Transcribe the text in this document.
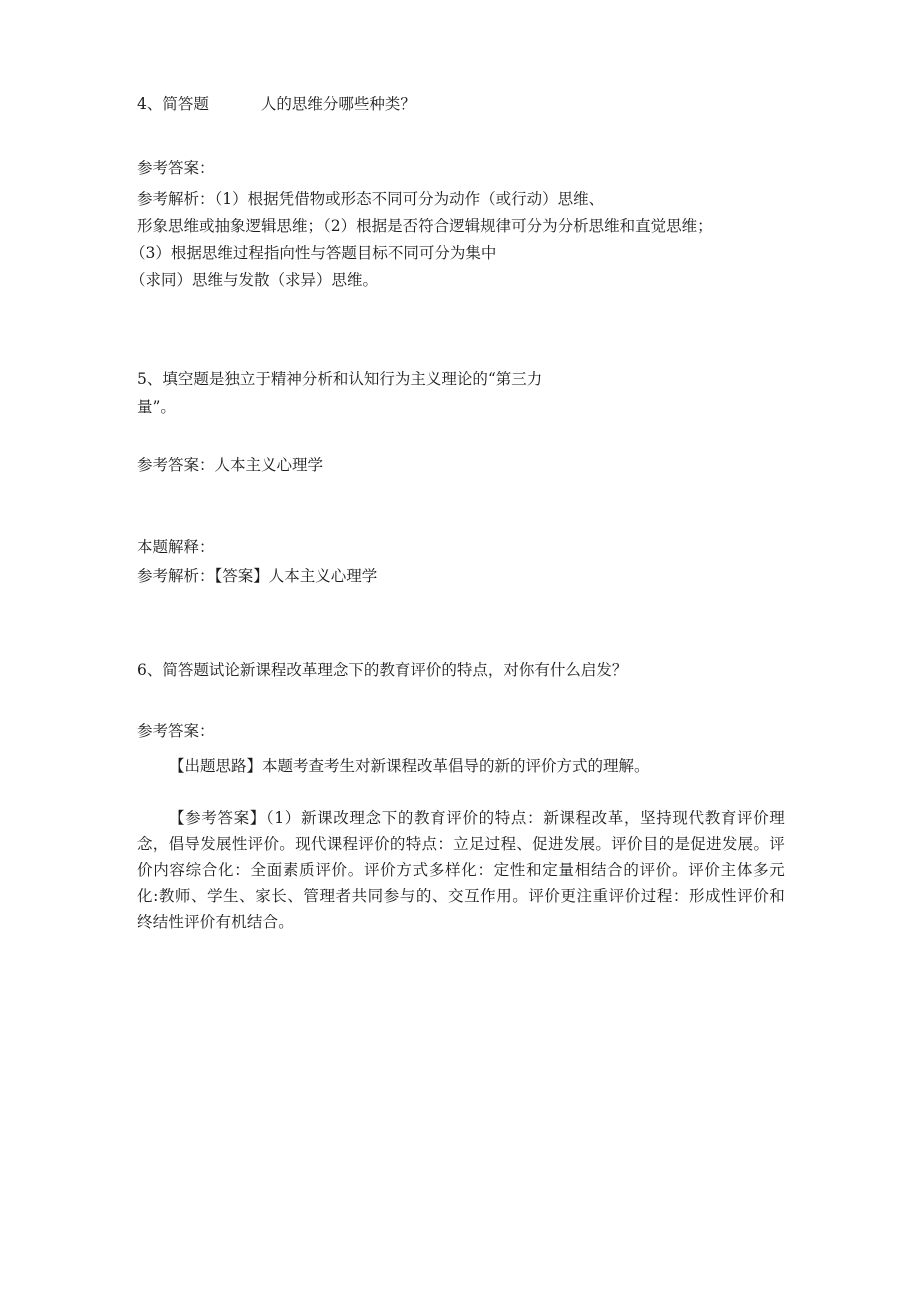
4、简答题	人的思维分哪些种类？
参考答案：
参考解析：（1）根据凭借物或形态不同可分为动作（或行动）思维、
形象思维或抽象逻辑思维；（2）根据是否符合逻辑规律可分为分析思维和直觉思维；
（3）根据思维过程指向性与答题目标不同可分为集中
（求同）思维与发散（求异）思维。
5、填空题是独立于精神分析和认知行为主义理论的“第三力
量”。
参考答案：人本主义心理学
本题解释：
参考解析：【答案】人本主义心理学
6、简答题试论新课程改革理念下的教育评价的特点，对你有什么启发？
参考答案：
【出题思路】本题考查考生对新课程改革倡导的新的评价方式的理解。
【参考答案】（1）新课改理念下的教育评价的特点：新课程改革，坚持现代教育评价理念，倡导发展性评价。现代课程评价的特点：立足过程、促进发展。评价目的是促进发展。评价内容综合化：全面素质评价。评价方式多样化：定性和定量相结合的评价。评价主体多元化:教师、学生、家长、管理者共同参与的、交互作用。评价更注重评价过程：形成性评价和终结性评价有机结合。
